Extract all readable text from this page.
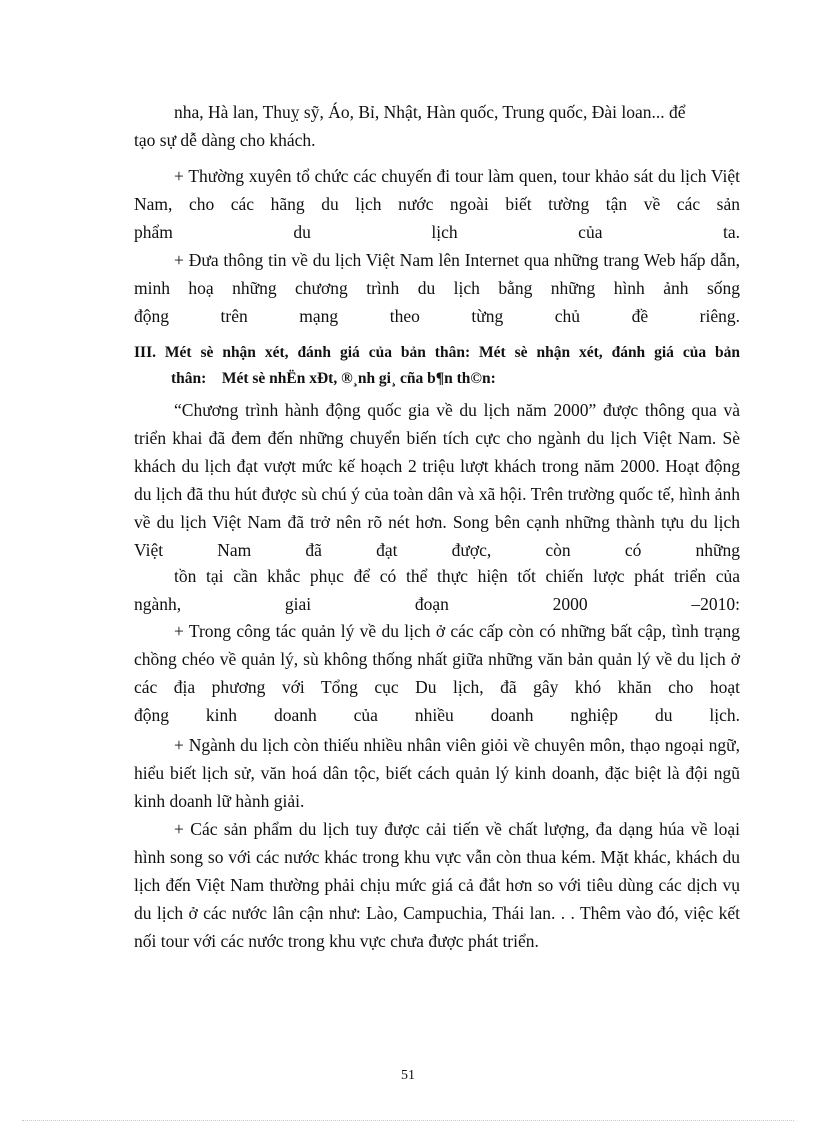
nha, Hà lan, Thuỵ sỹ, Áo, Bỉ, Nhật, Hàn quốc, Trung quốc, Đài loan... để
tạo sự dễ dàng cho khách.

+ Thường xuyên tổ chức các chuyến đi tour làm quen, tour khảo sát du lịch Việt Nam, cho các hãng du lịch nước ngoài biết tường tận về các sản

phẩm du lịch của ta.

+ Đưa thông tin về du lịch Việt Nam lên Internet qua những trang Web hấp dẫn, minh hoạ những chương trình du lịch bằng những hình ảnh sống

động trên mạng theo từng chủ đề riêng.

III. Mét sè nhận xét, đánh giá của bản thân: Mét sè nhận xét, đánh giá của bản
thân:    Mét sè nhËn xÐt, ®¸nh gi¸ cña b¶n th©n:

“Chương trình hành động quốc gia về du lịch năm 2000” được thông qua và triển khai đã đem đến những chuyển biến tích cực cho ngành du lịch Việt Nam. Sè khách du lịch đạt vượt mức kế hoạch 2 triệu lượt khách trong năm 2000. Hoạt động du lịch đã thu hút được sù chú ý của toàn dân và xã hội. Trên trường quốc tế, hình ảnh về du lịch Việt Nam đã trở nên rõ nét hơn. Song bên cạnh những thành tựu du lịch Việt Nam đã đạt được, còn có những

tồn tại cần khắc phục để có thể thực hiện tốt chiến lược phát triển của

ngành, giai đoạn 2000 –2010:

+ Trong công tác quản lý về du lịch ở các cấp còn có những bất cập, tình trạng chồng chéo về quản lý, sù không thống nhất giữa những văn bản quản lý về du lịch ở các địa phương với Tổng cục Du lịch, đã gây khó khăn cho hoạt

động kinh doanh của nhiều doanh nghiệp du lịch.

+ Ngành du lịch còn thiếu nhiều nhân viên giỏi về chuyên môn, thạo ngoại ngữ, hiểu biết lịch sử, văn hoá dân tộc, biết cách quản lý kinh doanh, đặc biệt là đội ngũ kinh doanh lữ hành giải.

+ Các sản phẩm du lịch tuy được cải tiến về chất lượng, đa dạng húa về loại hình song so với các nước khác trong khu vực vẫn còn thua kém. Mặt khác, khách du lịch đến Việt Nam thường phải chịu mức giá cả đắt hơn so với tiêu dùng các dịch vụ du lịch ở các nước lân cận như: Lào, Campuchia, Thái lan. . . Thêm vào đó, việc kết nối tour với các nước trong khu vực chưa được phát triển.

51
